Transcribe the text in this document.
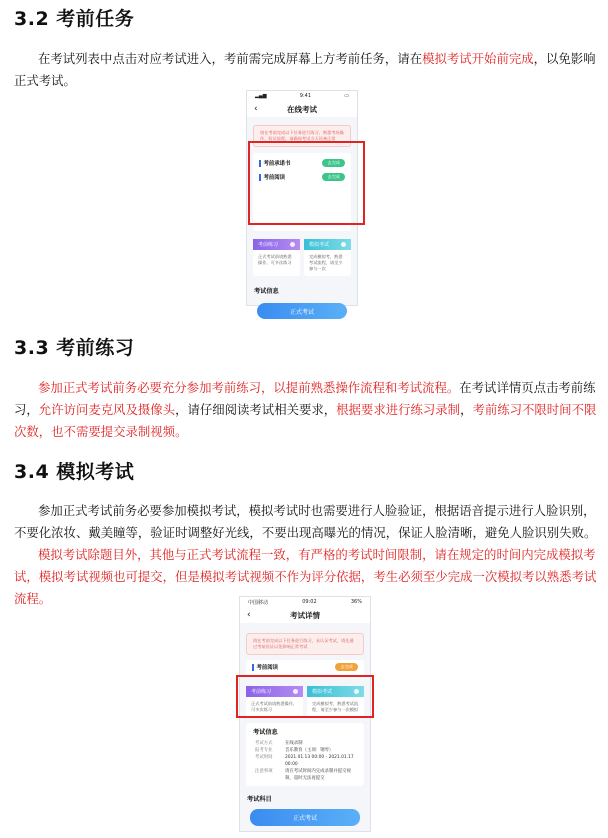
3.2 考前任务

在考试列表中点击对应考试进入，考前需完成屏幕上方考前任务，请在模拟考试开始前完成，以免影响正式考试。

▂▄▆	9:41	▭
‹	在线考试
请在考前完成以下任务进行练习，熟悉考场操作、验证流程，请确保考试当天设备正常
考前承诺书	去完成
考前阅读	去完成
考前练习
正式考试前请熟悉操作，可多次练习
模拟考试
完成模拟考，熟悉考试流程，请至少参与一次
考试信息
正式考试
3.3 考前练习

参加正式考试前务必要充分参加考前练习，以提前熟悉操作流程和考试流程。在考试详情页点击考前练习，允许访问麦克风及摄像头，请仔细阅读考试相关要求，根据要求进行练习录制，考前练习不限时间不限次数，也不需要提交录制视频。

3.4 模拟考试

参加正式考试前务必要参加模拟考试，模拟考试时也需要进行人脸验证，根据语音提示进行人脸识别，不要化浓妆、戴美瞳等，验证时调整好光线，不要出现高曝光的情况，保证人脸清晰，避免人脸识别失败。

模拟考试除题目外，其他与正式考试流程一致，有严格的考试时间限制，请在规定的时间内完成模拟考试，模拟考试视频也可提交，但是模拟考试视频不作为评分依据，考生必须至少完成一次模拟考以熟悉考试流程。	中国移动	09:02	36%
‹	考试详情
请在考前完成以下任务进行练习，未认证考试，请先通过考前验证以免影响正常考试
考前阅读	去完成
考前练习
正式考试前请熟悉操作，可多次练习
模拟考试
完成模拟考，熟悉考试流程，请至少参与一次模拟
考试信息
考试方式	在线录制
报考专业	音乐教育（主项：钢琴）
考试时间	2021.01.13 00:00 - 2021.01.17 00:00
注意事项	请在考试时间内完成录制并提交视频，超时无法再提交
考试科目
正式考试
